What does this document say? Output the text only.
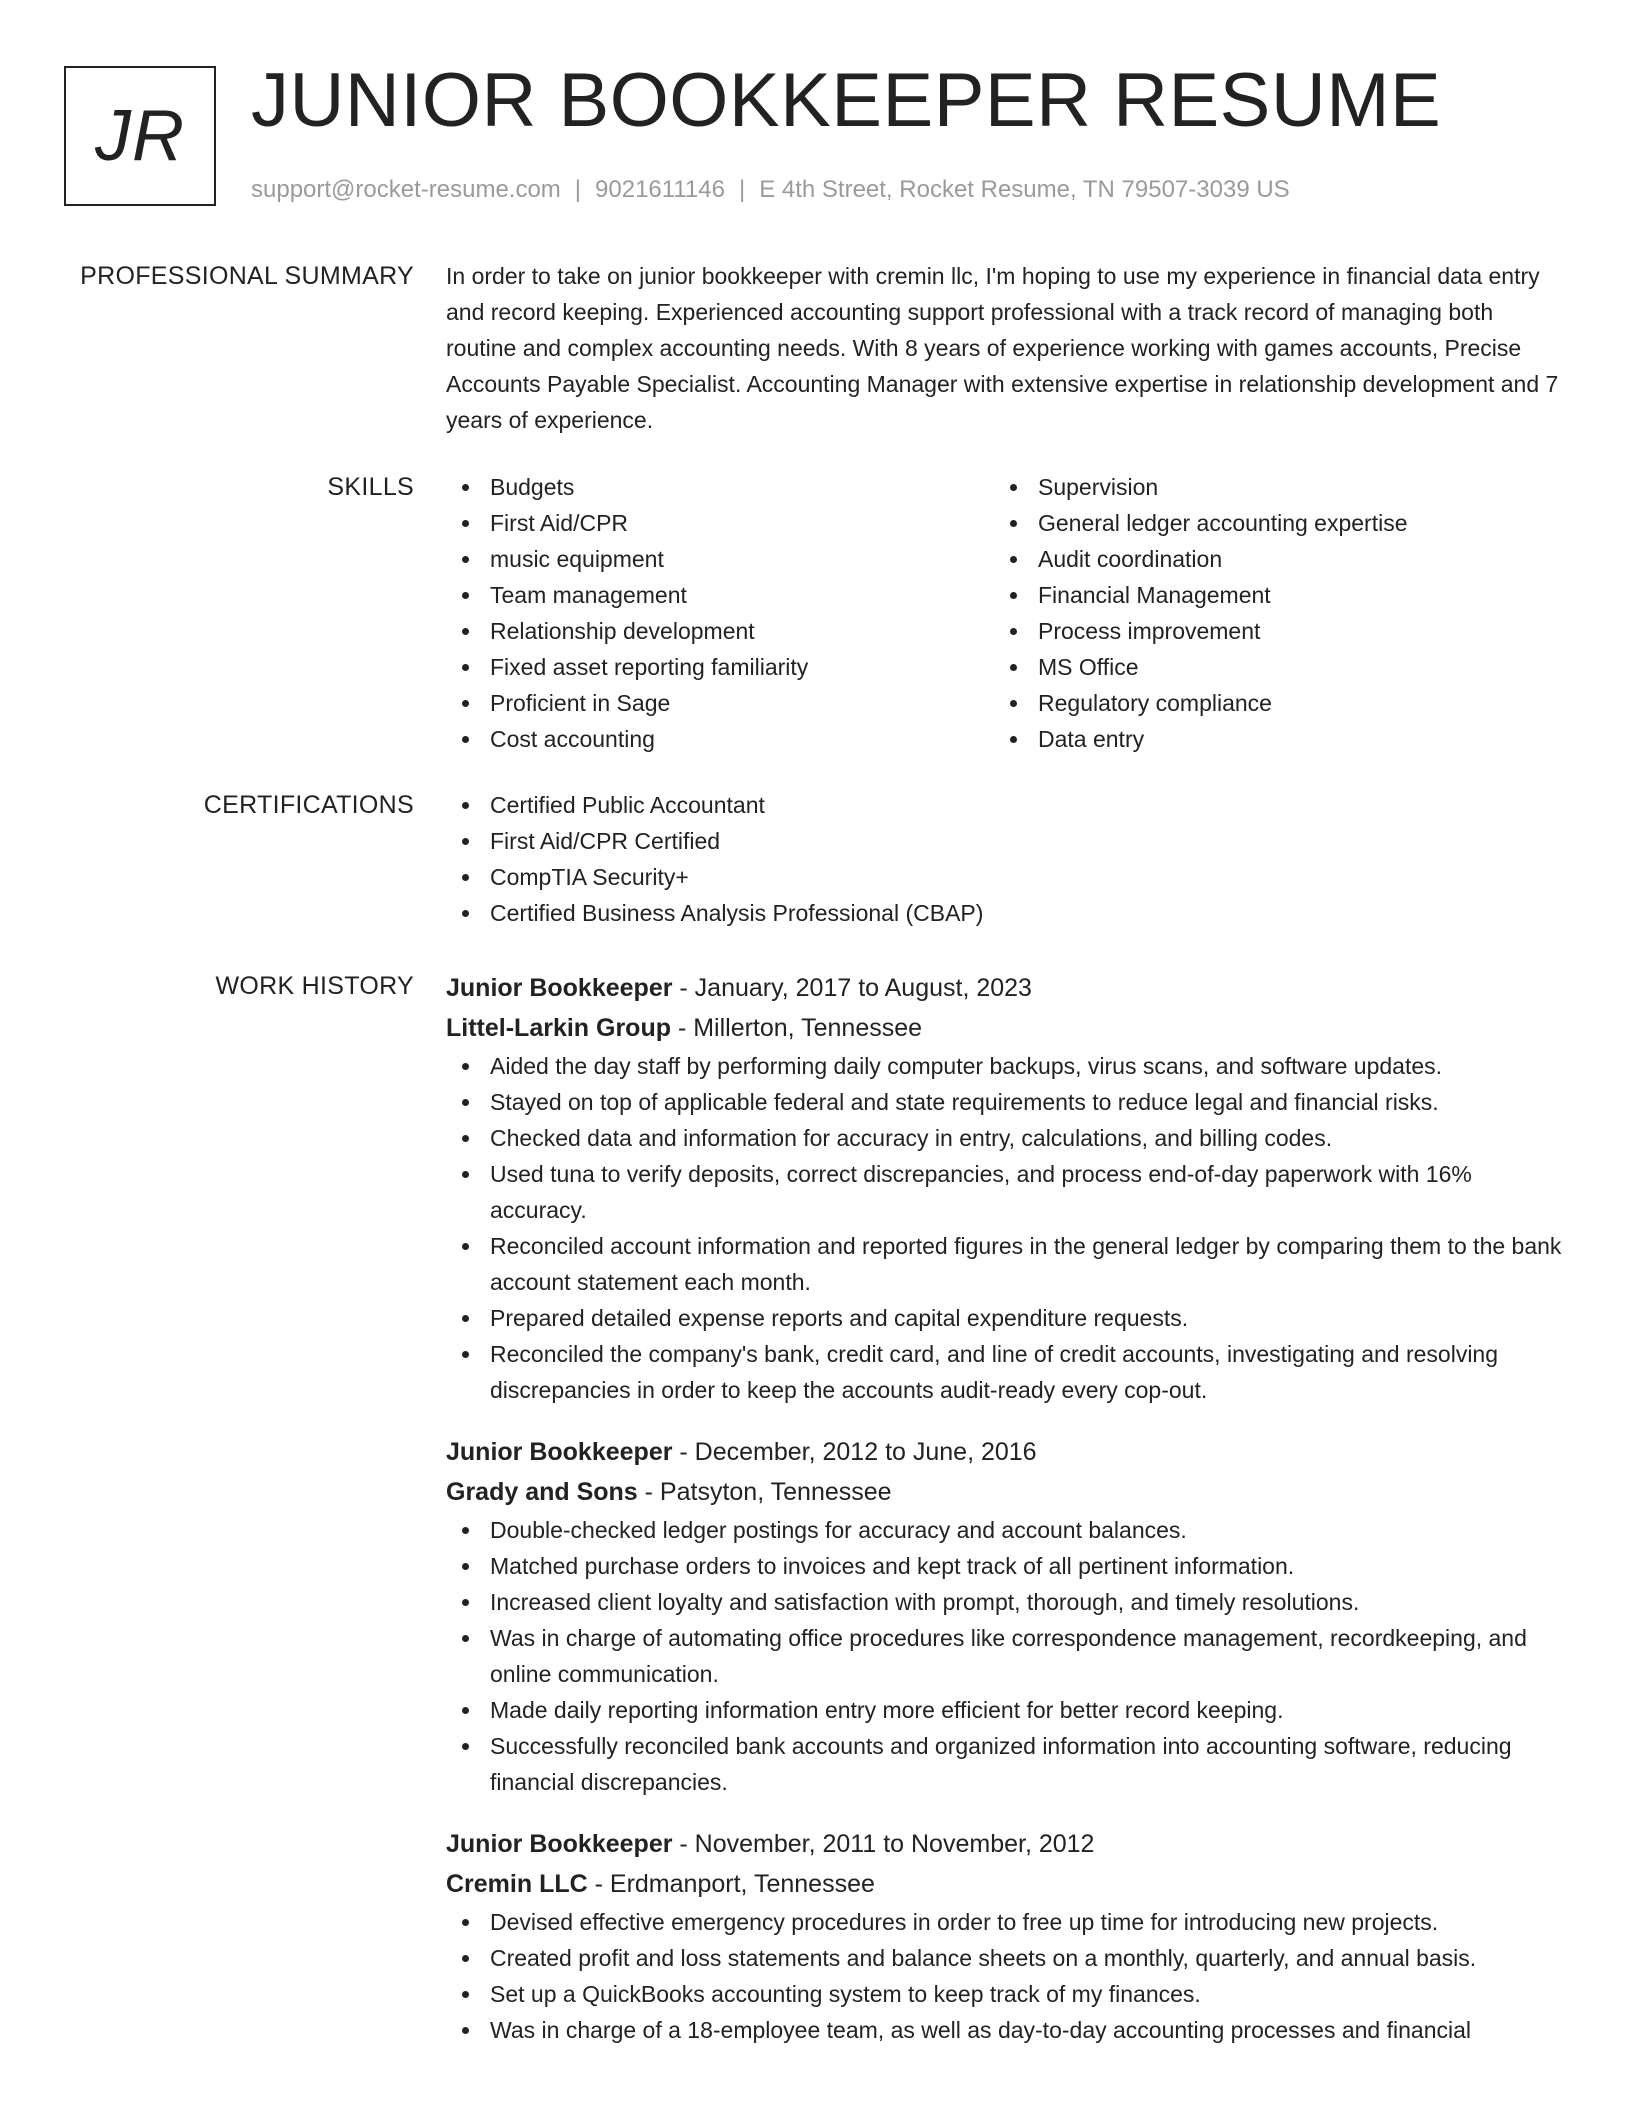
JR JUNIOR BOOKKEEPER RESUME
support@rocket-resume.com | 9021611146 | E 4th Street, Rocket Resume, TN 79507-3039 US
PROFESSIONAL SUMMARY In order to take on junior bookkeeper with cremin llc, I'm hoping to use my experience in financial data entry and record keeping. Experienced accounting support professional with a track record of managing both routine and complex accounting needs. With 8 years of experience working with games accounts, Precise Accounts Payable Specialist. Accounting Manager with extensive expertise in relationship development and 7 years of experience.

SKILLS	Budgets
First Aid/CPR
music equipment
Team management
Relationship development
Fixed asset reporting familiarity
Proficient in Sage
Cost accounting
Supervision
General ledger accounting expertise
Audit coordination
Financial Management
Process improvement
MS Office
Regulatory compliance
Data entry
CERTIFICATIONS	Certified Public Accountant
First Aid/CPR Certified
CompTIA Security+
Certified Business Analysis Professional (CBAP)
WORK HISTORY Junior Bookkeeper - January, 2017 to August, 2023
Littel-Larkin Group - Millerton, Tennessee
Aided the day staff by performing daily computer backups, virus scans, and software updates.
Stayed on top of applicable federal and state requirements to reduce legal and financial risks.
Checked data and information for accuracy in entry, calculations, and billing codes.
Used tuna to verify deposits, correct discrepancies, and process end-of-day paperwork with 16% accuracy.
Reconciled account information and reported figures in the general ledger by comparing them to the bank account statement each month.
Prepared detailed expense reports and capital expenditure requests.
Reconciled the company's bank, credit card, and line of credit accounts, investigating and resolving discrepancies in order to keep the accounts audit-ready every cop-out.
Junior Bookkeeper - December, 2012 to June, 2016
Grady and Sons - Patsyton, Tennessee
Double-checked ledger postings for accuracy and account balances.
Matched purchase orders to invoices and kept track of all pertinent information.
Increased client loyalty and satisfaction with prompt, thorough, and timely resolutions.
Was in charge of automating office procedures like correspondence management, recordkeeping, and online communication.
Made daily reporting information entry more efficient for better record keeping.
Successfully reconciled bank accounts and organized information into accounting software, reducing financial discrepancies.
Junior Bookkeeper - November, 2011 to November, 2012
Cremin LLC - Erdmanport, Tennessee
Devised effective emergency procedures in order to free up time for introducing new projects.
Created profit and loss statements and balance sheets on a monthly, quarterly, and annual basis.
Set up a QuickBooks accounting system to keep track of my finances.
Was in charge of a 18-employee team, as well as day-to-day accounting processes and financial
